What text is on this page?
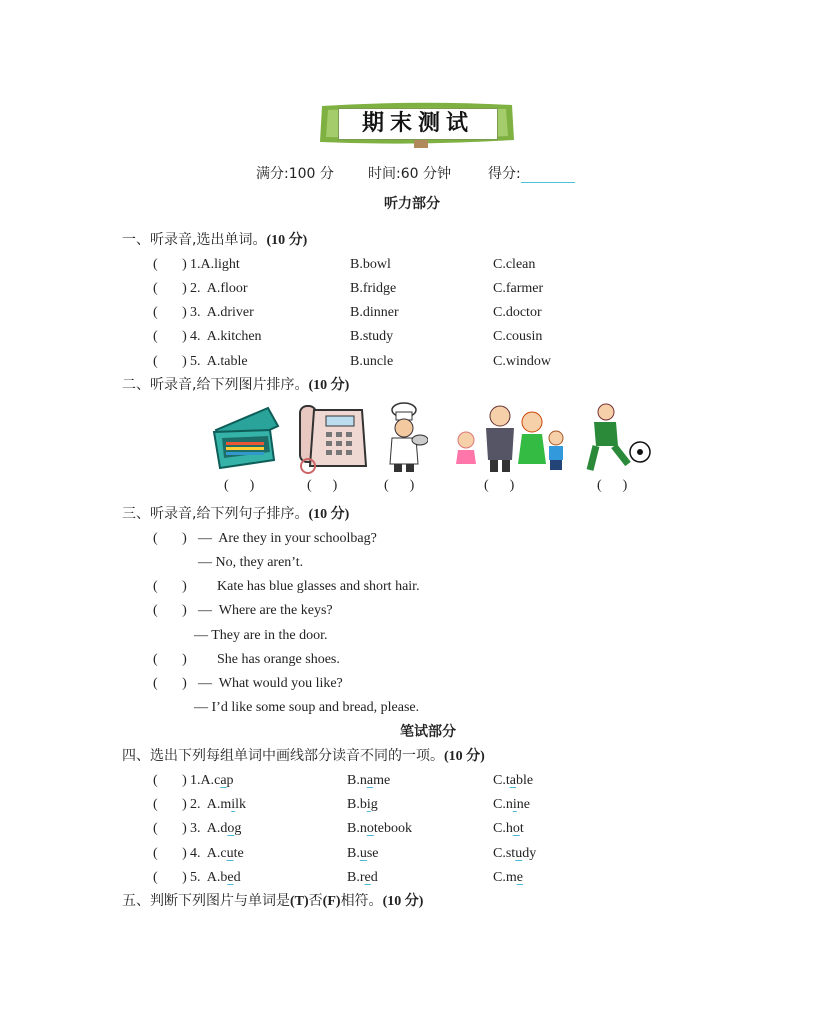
期末测试
满分:100 分 时间:60 分钟	得分:
听力部分
一、听录音,选出单词。(10 分)
二、听录音,给下列图片排序。(10 分)
(      )	(      )	(      )	(      )	(      )
三、听录音,给下列句子排序。(10 分)
(       ) —  Are they in your schoolbag?
— No, they aren’t.
(       ) Kate has blue glasses and short hair.
(       ) —  Where are the keys?
— They are in the door.
(       ) She has orange shoes.
(       ) —  What would you like?
— I’d like some soup and bread, please.
笔试部分
四、选出下列每组单词中画线部分读音不同的一项。(10 分)
五、判断下列图片与单词是(T)否(F)相符。(10 分)
(       ) 1.A.light	B.bowl	C.clean
(       ) 2.  A.floor	B.fridge	C.farmer
(       ) 3.  A.driver	B.dinner	C.doctor
(       ) 4.  A.kitchen	B.study	C.cousin
(       ) 5.  A.table	B.uncle	C.window
(       ) 1.A.cap	B.name	C.table
(       ) 2.  A.milk	B.big	C.nine
(       ) 3.  A.dog	B.notebook	C.hot
(       ) 4.  A.cute	B.use	C.study
(       ) 5.  A.bed	B.red	C.me
